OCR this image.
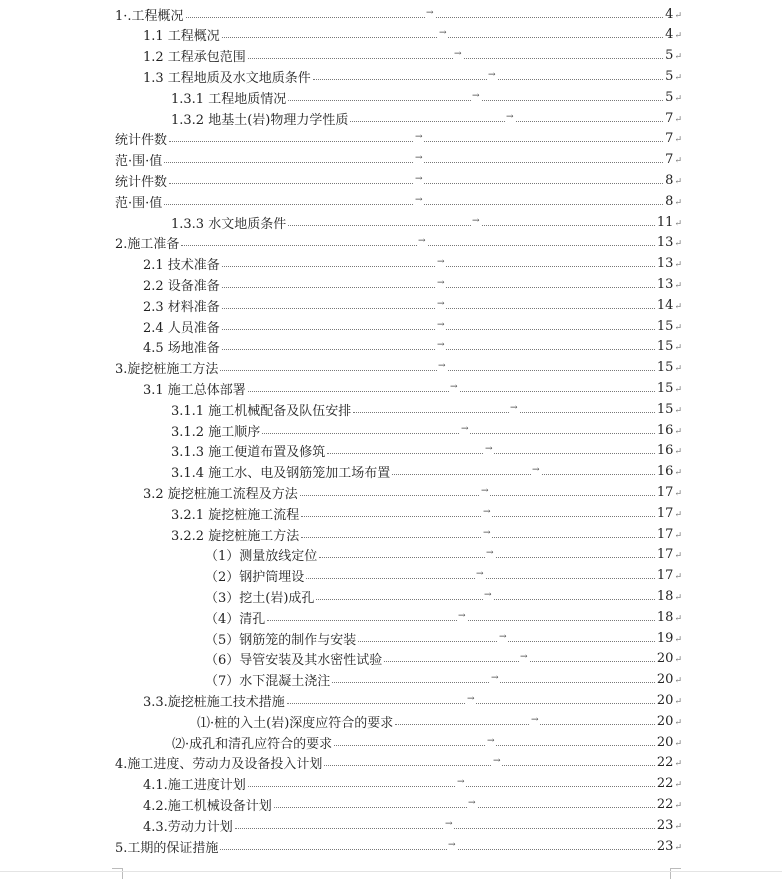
1·.工程概况	→	4↵
1.1 工程概况	→	4↵
1.2 工程承包范围	→	5↵
1.3 工程地质及水文地质条件	→	5↵
1.3.1 工程地质情况	→	5↵
1.3.2 地基土(岩)物理力学性质	→	7↵
统计件数	→	7↵
范·围·值	→	7↵
统计件数	→	8↵
范·围·值	→	8↵
1.3.3 水文地质条件	→	11↵
2.施工准备	→	13↵
2.1 技术准备	→	13↵
2.2 设备准备	→	13↵
2.3 材料准备	→	14↵
2.4 人员准备	→	15↵
4.5 场地准备	→	15↵
3.旋挖桩施工方法	→	15↵
3.1 施工总体部署	→	15↵
3.1.1 施工机械配备及队伍安排	→	15↵
3.1.2 施工顺序	→	16↵
3.1.3 施工便道布置及修筑	→	16↵
3.1.4 施工水、电及钢筋笼加工场布置	→	16↵
3.2 旋挖桩施工流程及方法	→	17↵
3.2.1 旋挖桩施工流程	→	17↵
3.2.2 旋挖桩施工方法	→	17↵
（1）测量放线定位	→	17↵
（2）钢护筒埋设	→	17↵
（3）挖土(岩)成孔	→	18↵
（4）清孔	→	18↵
（5）钢筋笼的制作与安装	→	19↵
（6）导管安装及其水密性试验	→	20↵
（7）水下混凝土浇注	→	20↵
3.3.旋挖桩施工技术措施	→	20↵
⑴·桩的入土(岩)深度应符合的要求	→	20↵
⑵·成孔和清孔应符合的要求	→	20↵
4.施工进度、劳动力及设备投入计划	→	22↵
4.1.施工进度计划	→	22↵
4.2.施工机械设备计划	→	22↵
4.3.劳动力计划	→	23↵
5.工期的保证措施	→	23↵
